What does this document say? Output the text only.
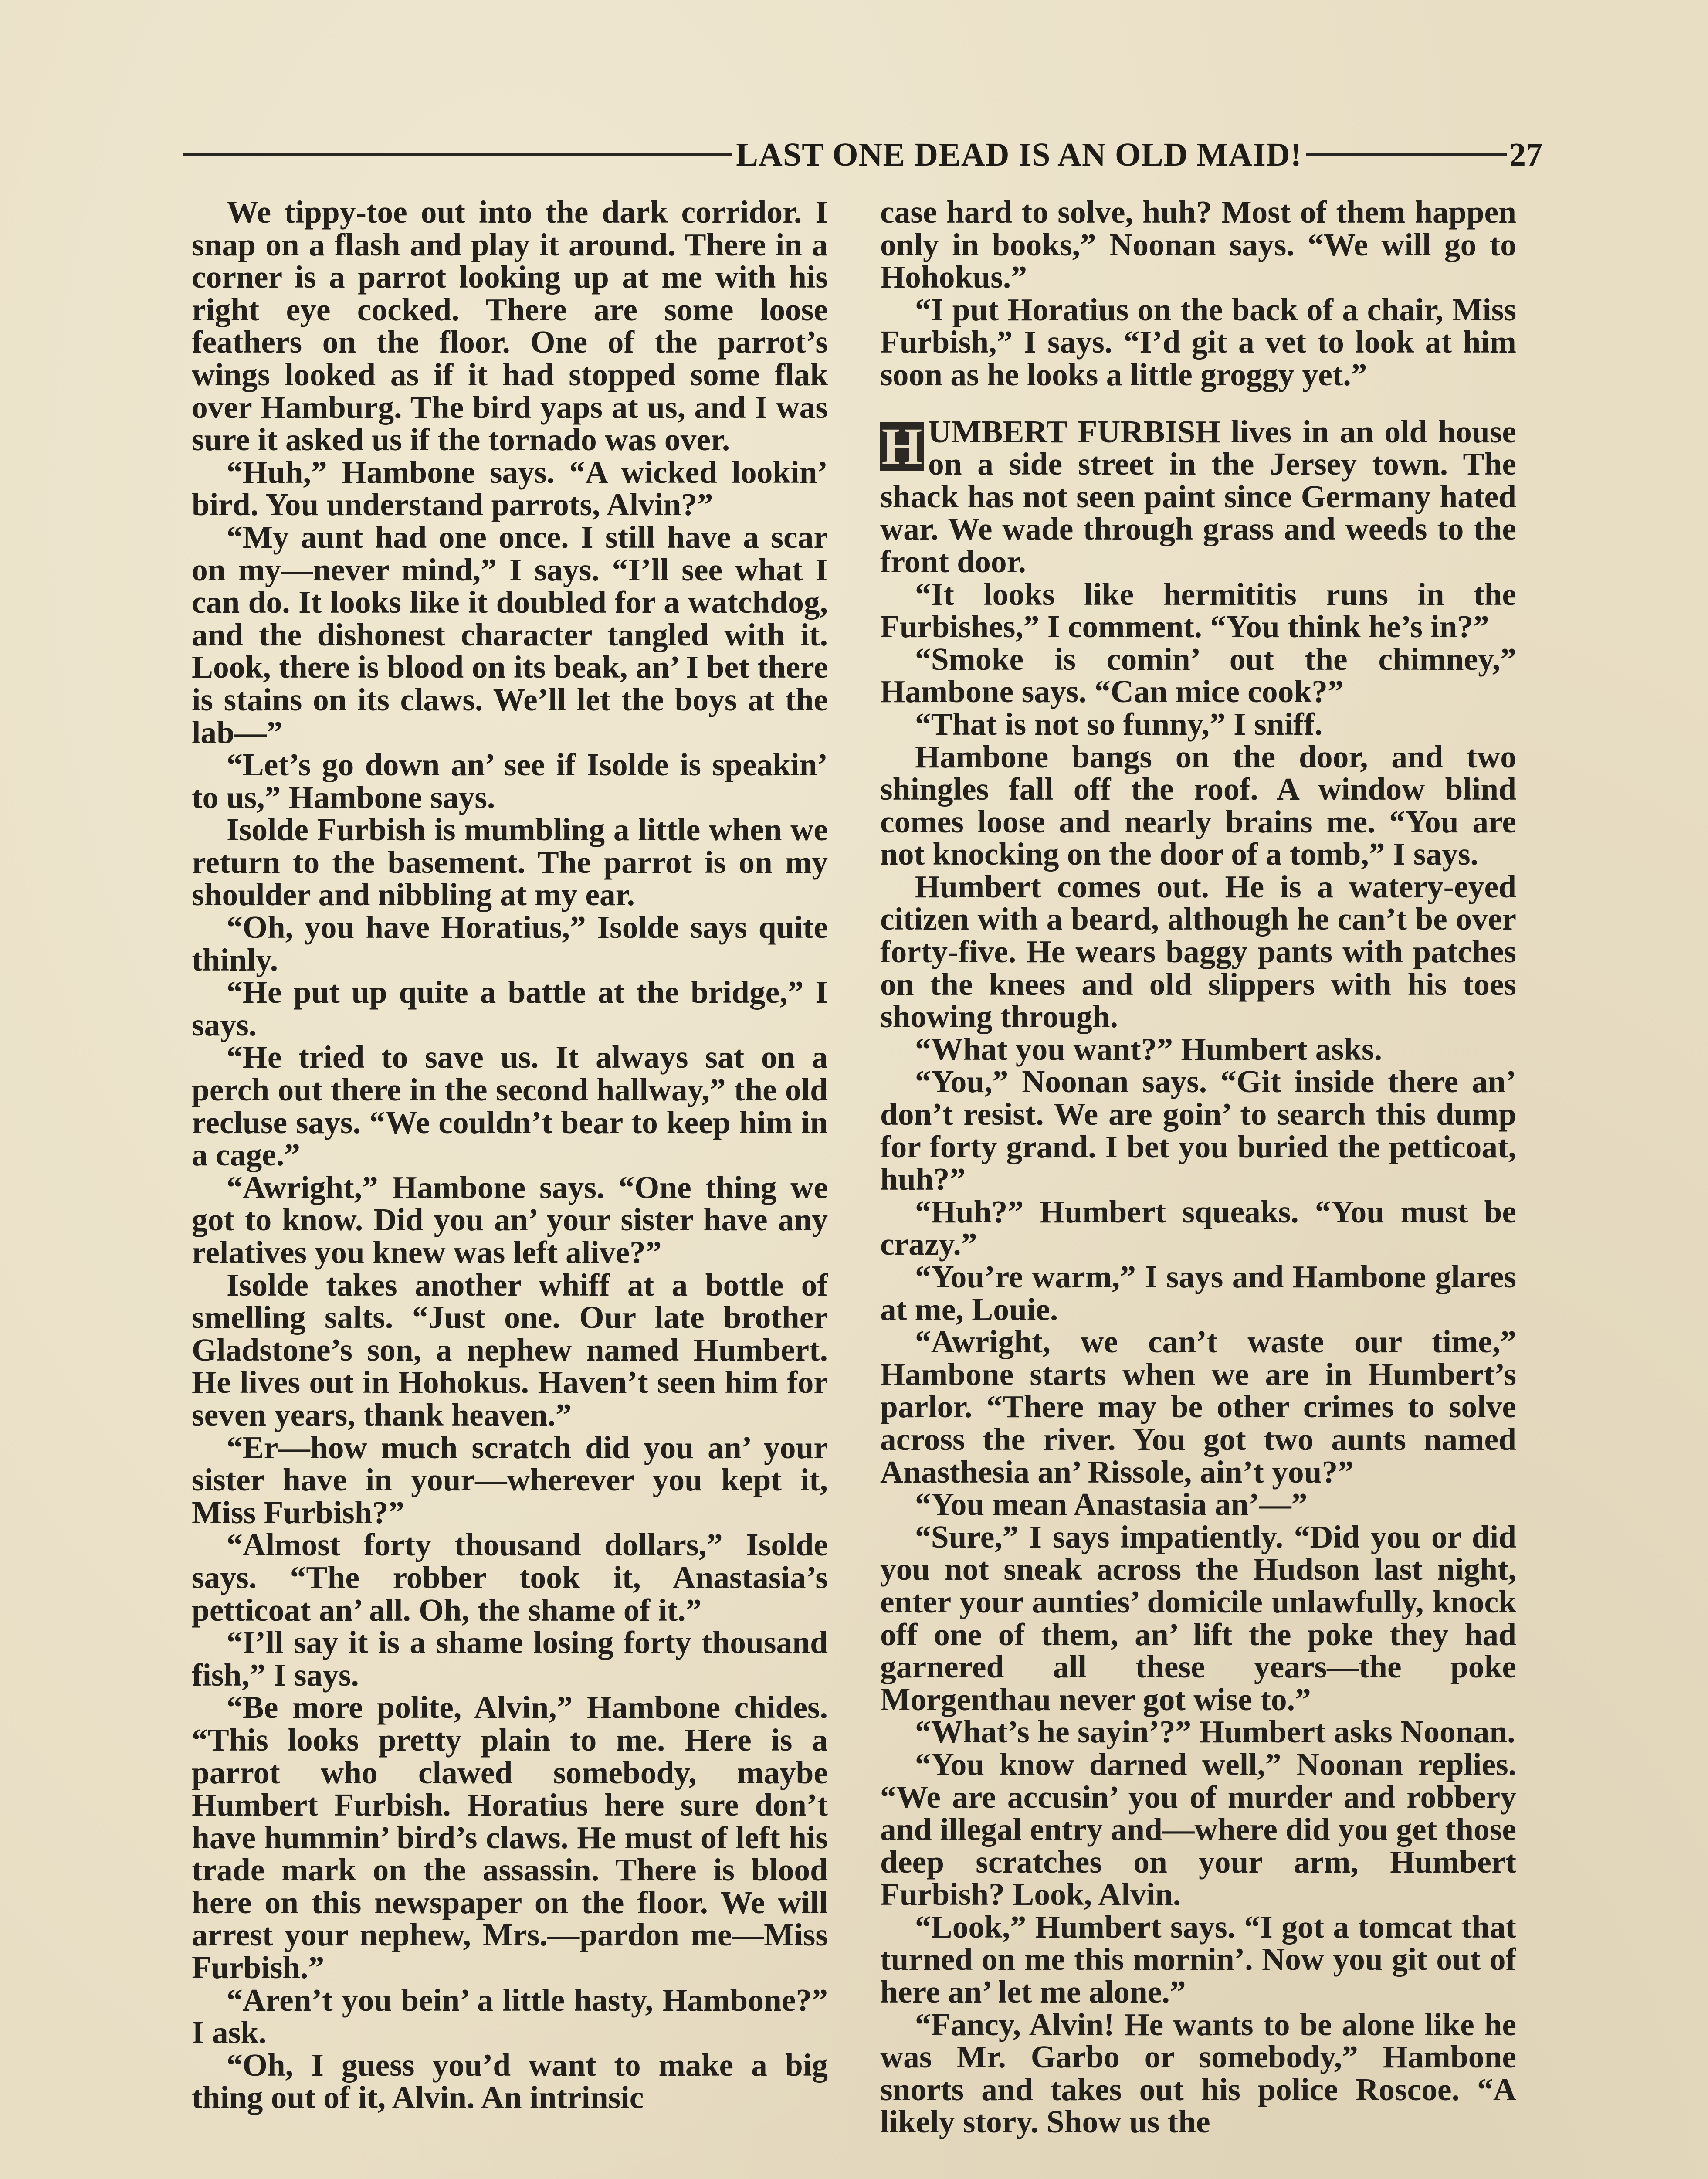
LAST ONE DEAD IS AN OLD MAID!	27

We tippy-toe out into the dark corridor. I snap on a flash and play it around. There in a corner is a parrot looking up at me with his right eye cocked. There are some loose feathers on the floor. One of the parrot’s wings looked as if it had stopped some flak over Hamburg. The bird yaps at us, and I was sure it asked us if the tornado was over.

“Huh,” Hambone says. “A wicked lookin’ bird. You understand parrots, Alvin?”

“My aunt had one once. I still have a scar on my—never mind,” I says. “I’ll see what I can do. It looks like it doubled for a watchdog, and the dishonest character tangled with it. Look, there is blood on its beak, an’ I bet there is stains on its claws. We’ll let the boys at the lab—”

“Let’s go down an’ see if Isolde is speakin’ to us,” Hambone says.

Isolde Furbish is mumbling a little when we return to the basement. The parrot is on my shoulder and nibbling at my ear.

“Oh, you have Horatius,” Isolde says quite thinly.

“He put up quite a battle at the bridge,” I says.

“He tried to save us. It always sat on a perch out there in the second hallway,” the old recluse says. “We couldn’t bear to keep him in a cage.”

“Awright,” Hambone says. “One thing we got to know. Did you an’ your sister have any relatives you knew was left alive?”

Isolde takes another whiff at a bottle of smelling salts. “Just one. Our late brother Gladstone’s son, a nephew named Humbert. He lives out in Hohokus. Haven’t seen him for seven years, thank heaven.”

“Er—how much scratch did you an’ your sister have in your—wherever you kept it, Miss Furbish?”

“Almost forty thousand dollars,” Isolde says. “The robber took it, Anastasia’s petticoat an’ all. Oh, the shame of it.”

“I’ll say it is a shame losing forty thousand fish,” I says.

“Be more polite, Alvin,” Hambone chides. “This looks pretty plain to me. Here is a parrot who clawed somebody, maybe Humbert Furbish. Horatius here sure don’t have hummin’ bird’s claws. He must of left his trade mark on the assassin. There is blood here on this newspaper on the floor. We will arrest your nephew, Mrs.—pardon me—Miss Furbish.”

“Aren’t you bein’ a little hasty, Hambone?” I ask.

“Oh, I guess you’d want to make a big thing out of it, Alvin. An intrinsic

case hard to solve, huh? Most of them happen only in books,” Noonan says. “We will go to Hohokus.”

“I put Horatius on the back of a chair, Miss Furbish,” I says. “I’d git a vet to look at him soon as he looks a little groggy yet.”

H UMBERT FURBISH lives in an old house on a side street in the Jersey town. The shack has not seen paint since Germany hated war. We wade through grass and weeds to the front door.

“It looks like hermititis runs in the Furbishes,” I comment. “You think he’s in?”

“Smoke is comin’ out the chimney,” Hambone says. “Can mice cook?”

“That is not so funny,” I sniff.

Hambone bangs on the door, and two shingles fall off the roof. A window blind comes loose and nearly brains me. “You are not knocking on the door of a tomb,” I says.

Humbert comes out. He is a watery-eyed citizen with a beard, although he can’t be over forty-five. He wears baggy pants with patches on the knees and old slippers with his toes showing through.

“What you want?” Humbert asks.

“You,” Noonan says. “Git inside there an’ don’t resist. We are goin’ to search this dump for forty grand. I bet you buried the petticoat, huh?”

“Huh?” Humbert squeaks. “You must be crazy.”

“You’re warm,” I says and Hambone glares at me, Louie.

“Awright, we can’t waste our time,” Hambone starts when we are in Humbert’s parlor. “There may be other crimes to solve across the river. You got two aunts named Anasthesia an’ Rissole, ain’t you?”

“You mean Anastasia an’—”

“Sure,” I says impatiently. “Did you or did you not sneak across the Hudson last night, enter your aunties’ domicile unlawfully, knock off one of them, an’ lift the poke they had garnered all these years—the poke Morgenthau never got wise to.”

“What’s he sayin’?” Humbert asks Noonan.

“You know darned well,” Noonan replies. “We are accusin’ you of murder and robbery and illegal entry and—where did you get those deep scratches on your arm, Humbert Furbish? Look, Alvin.

“Look,” Humbert says. “I got a tomcat that turned on me this mornin’. Now you git out of here an’ let me alone.”

“Fancy, Alvin! He wants to be alone like he was Mr. Garbo or somebody,” Hambone snorts and takes out his police Roscoe. “A likely story. Show us the
